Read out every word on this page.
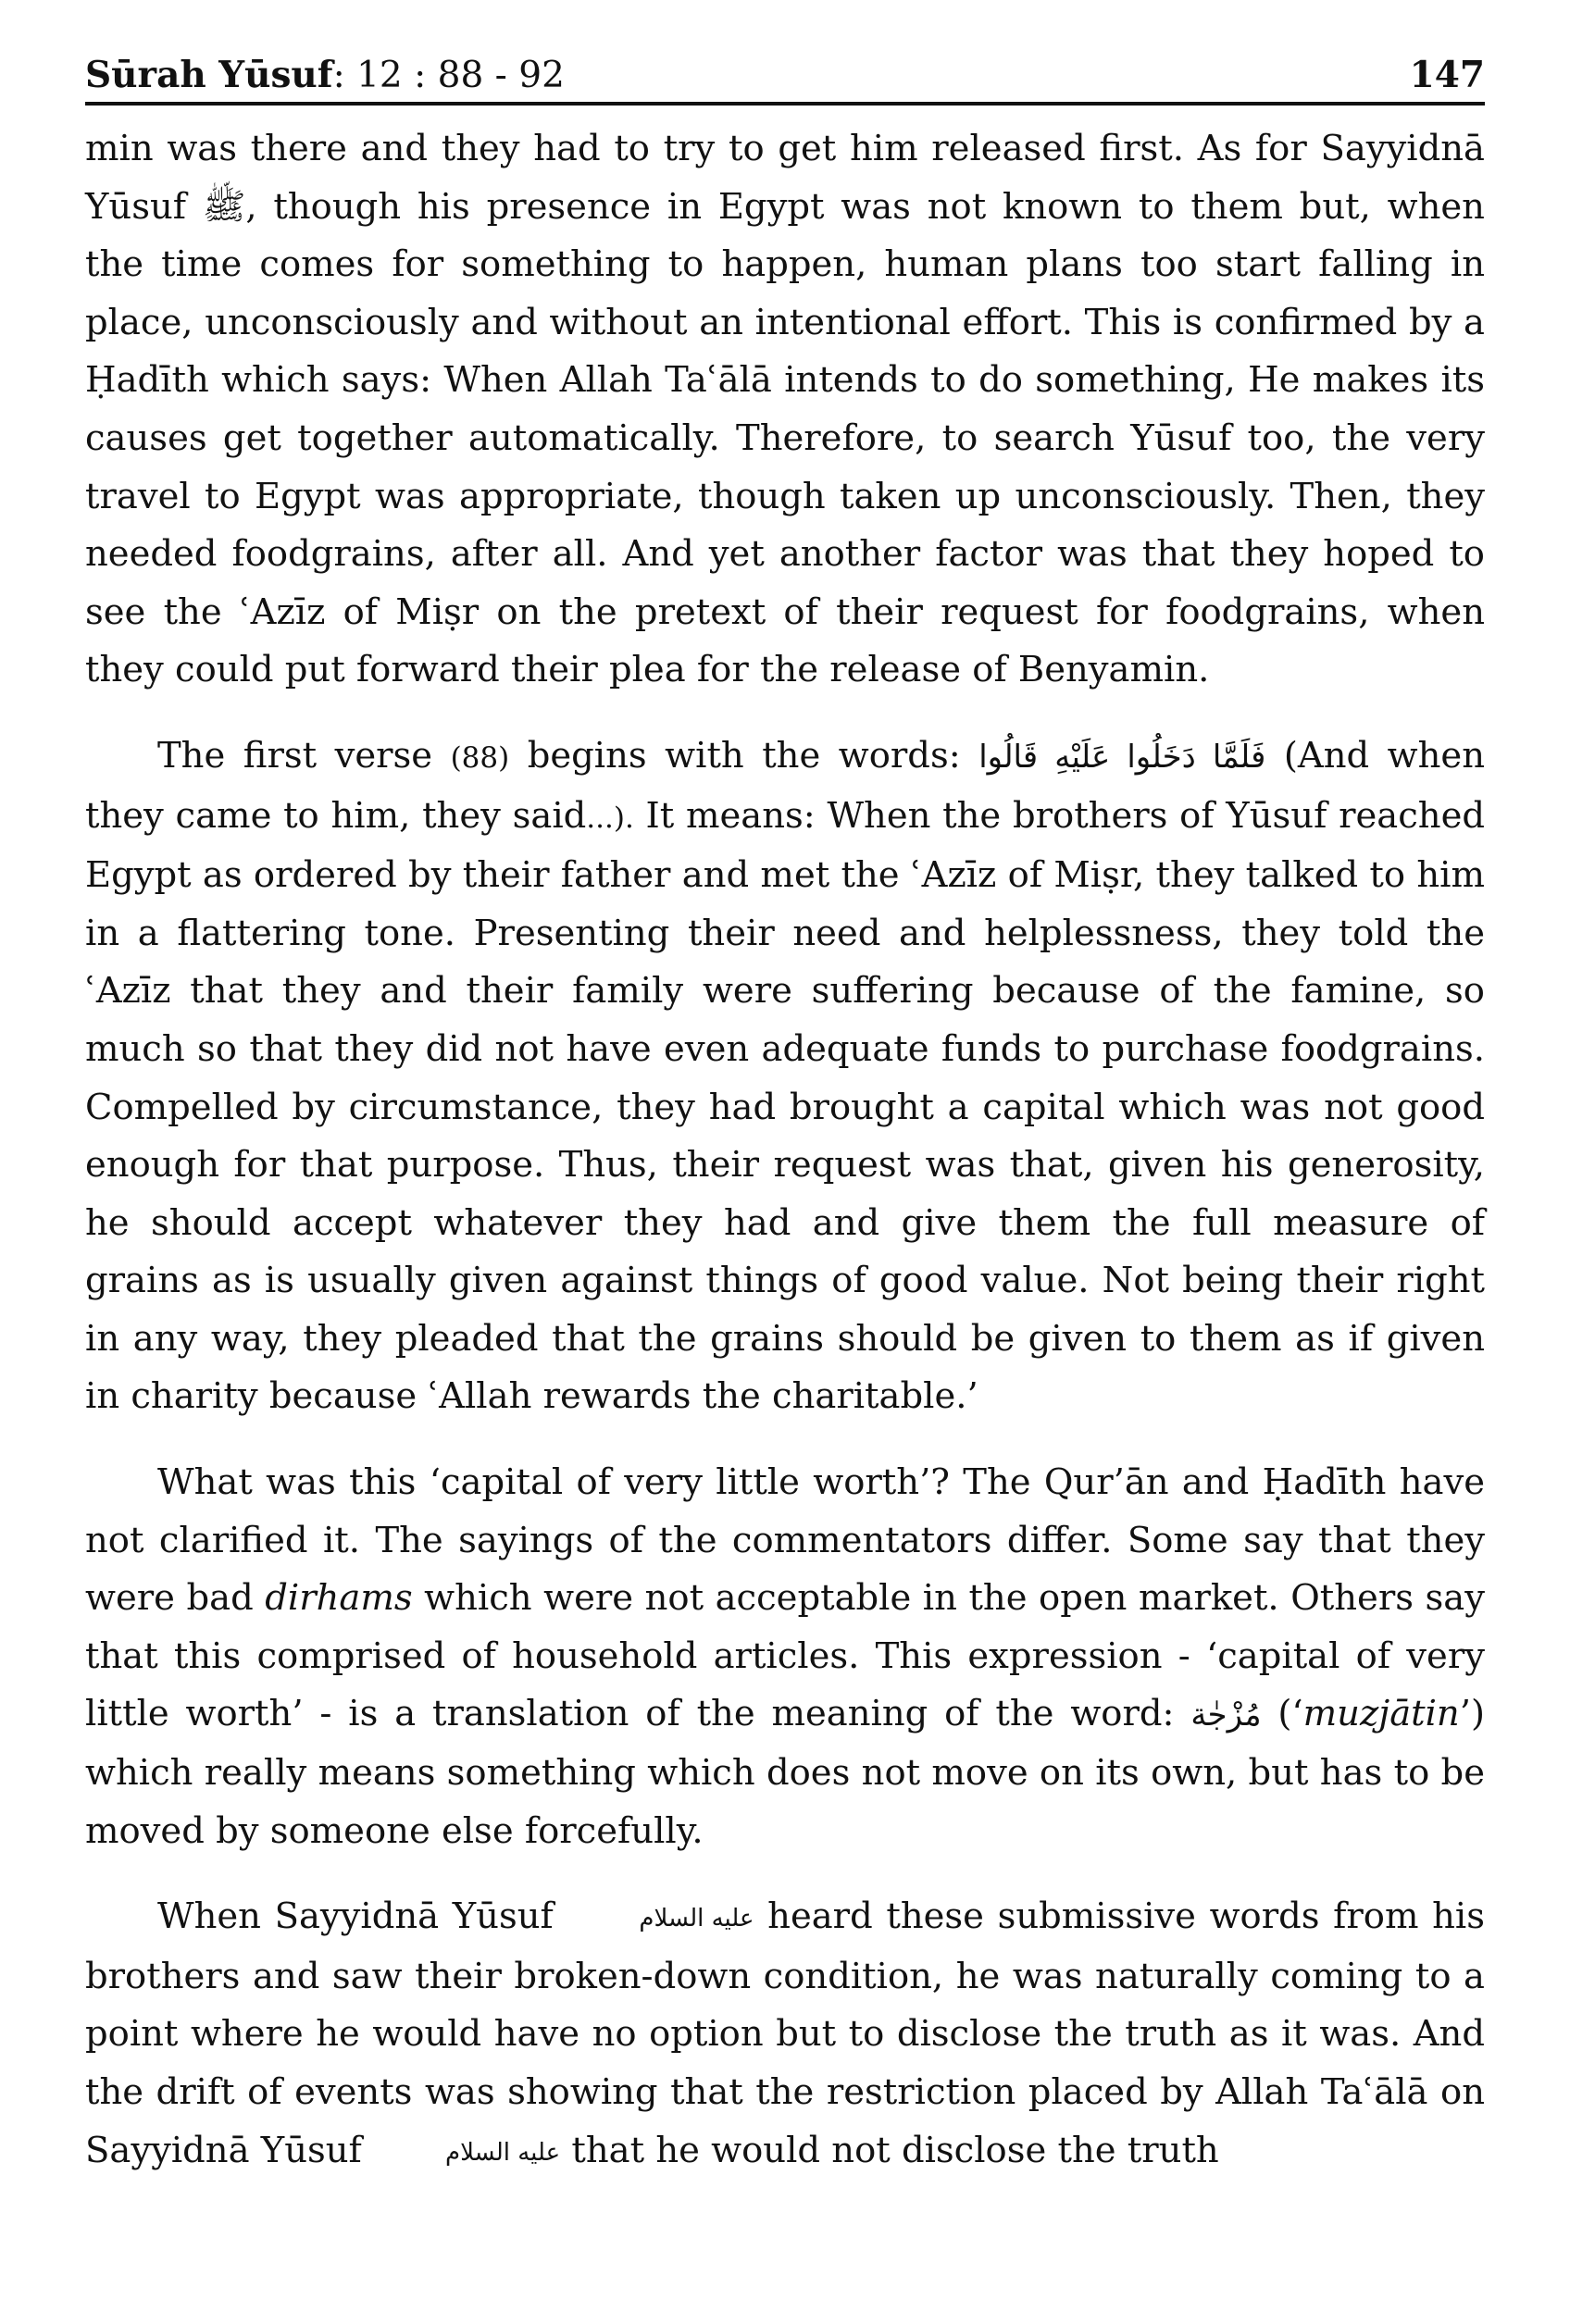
Sūrah Yūsuf: 12 : 88 - 92	147

min was there and they had to try to get him released first. As for Sayyidnā Yūsuf ﷺ, though his presence in Egypt was not known to them but, when the time comes for something to happen, human plans too start falling in place, unconsciously and without an intentional effort. This is confirmed by a Ḥadīth which says: When Allah Taʿālā intends to do something, He makes its causes get together automatically. Therefore, to search Yūsuf too, the very travel to Egypt was appropriate, though taken up unconsciously. Then, they needed foodgrains, after all. And yet another factor was that they hoped to see the ʿAzīz of Miṣr on the pretext of their request for foodgrains, when they could put forward their plea for the release of Benyamin.

The first verse (88) begins with the words: فَلَمَّا دَخَلُوا عَلَيْهِ قَالُوا (And when they came to him, they said...). It means: When the brothers of Yūsuf reached Egypt as ordered by their father and met the ʿAzīz of Miṣr, they talked to him in a flattering tone. Presenting their need and helplessness, they told the ʿAzīz that they and their family were suffering because of the famine, so much so that they did not have even adequate funds to purchase foodgrains. Compelled by circumstance, they had brought a capital which was not good enough for that purpose. Thus, their request was that, given his generosity, he should accept whatever they had and give them the full measure of grains as is usually given against things of good value. Not being their right in any way, they pleaded that the grains should be given to them as if given in charity because ʿAllah rewards the charitable.’

What was this ‘capital of very little worth’? The Qur’ān and Ḥadīth have not clarified it. The sayings of the commentators differ. Some say that they were bad dirhams which were not acceptable in the open market. Others say that this comprised of household articles. This expression - ‘capital of very little worth’ - is a translation of the meaning of the word: مُزْجٰة (‘muzjātin’) which really means something which does not move on its own, but has to be moved by someone else forcefully.

When Sayyidnā Yūsuf	عليه السلام heard these submissive words from his brothers and saw their broken-down condition, he was naturally coming to a point where he would have no option but to disclose the truth as it was. And the drift of events was showing that the restriction placed by Allah Taʿālā on Sayyidnā Yūsuf	عليه السلام that he would not disclose the truth
